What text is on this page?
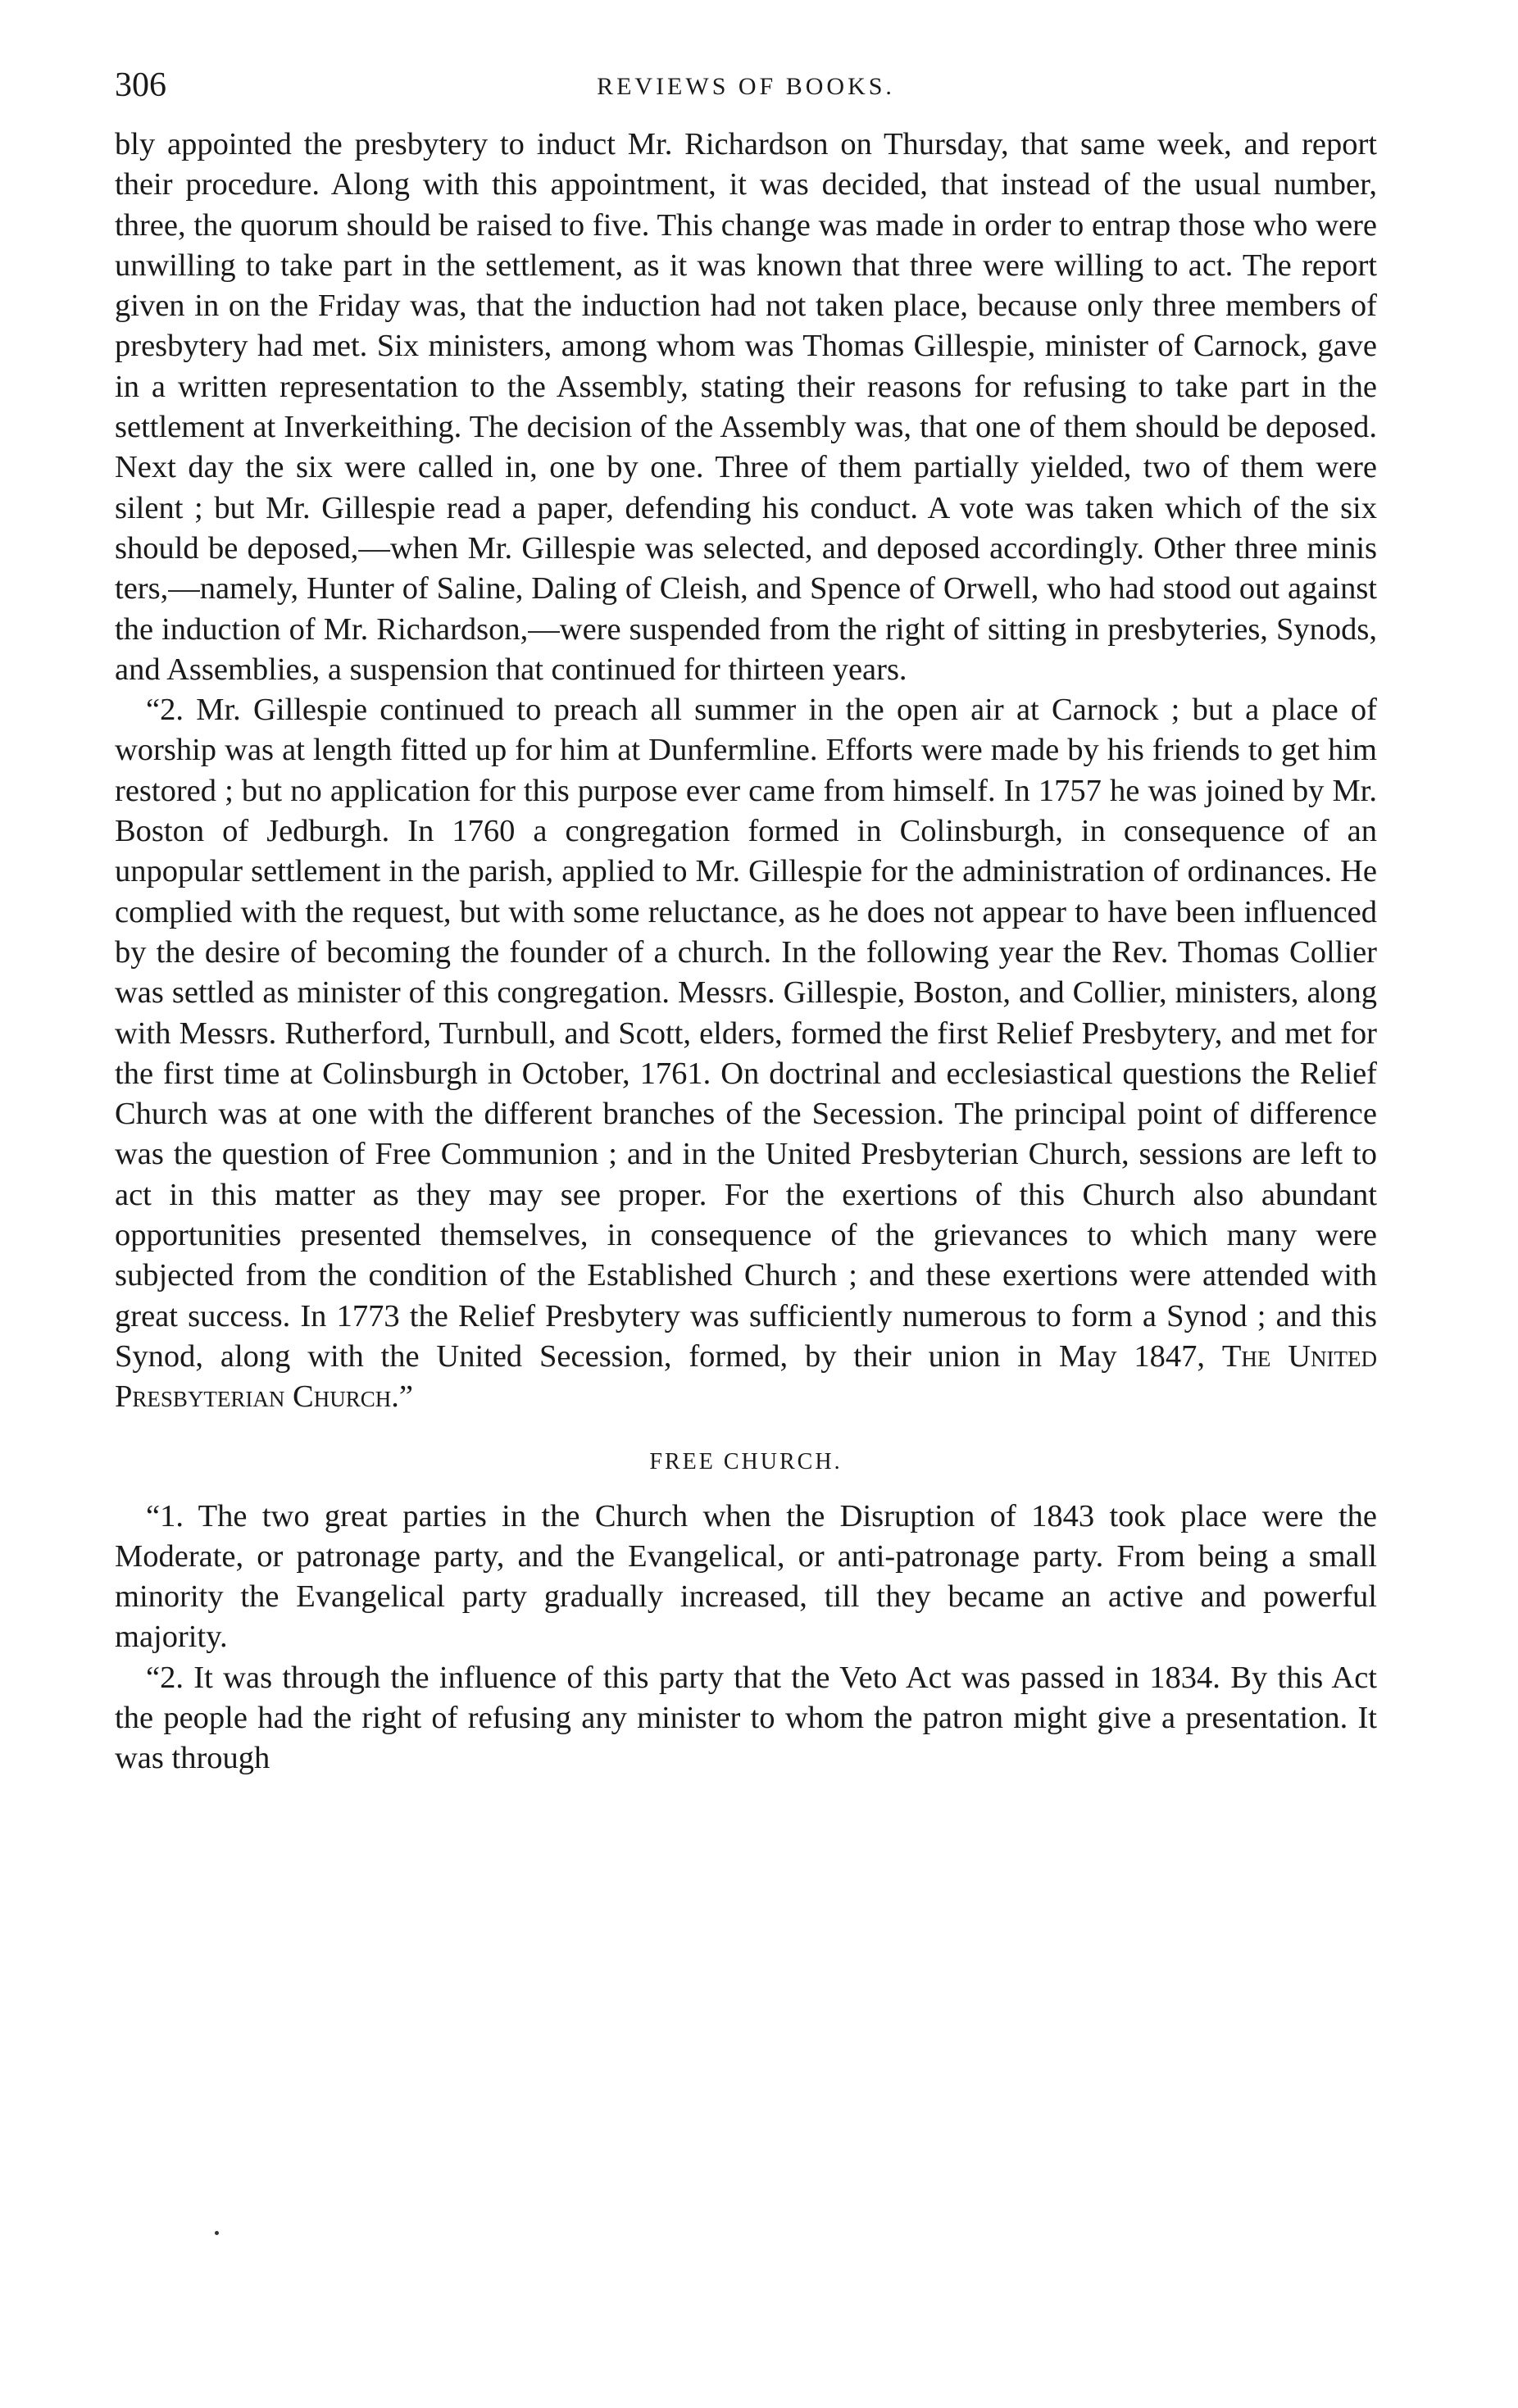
306	REVIEWS OF BOOKS.

bly appointed the presbytery to induct Mr. Richardson on Thursday, that same week, and report their procedure. Along with this appointment, it was decided, that instead of the usual number, three, the quorum should be raised to five. This change was made in order to entrap those who were unwilling to take part in the settlement, as it was known that three were willing to act. The report given in on the Friday was, that the induction had not taken place, because only three members of presbytery had met. Six ministers, among whom was Thomas Gillespie, minister of Carnock, gave in a written representation to the Assembly, stating their reasons for refusing to take part in the settlement at Inverkeithing. The decision of the Assembly was, that one of them should be deposed. Next day the six were called in, one by one. Three of them partially yielded, two of them were silent ; but Mr. Gillespie read a paper, defending his conduct. A vote was taken which of the six should be deposed,—when Mr. Gillespie was selected, and deposed accordingly. Other three minis ters,—namely, Hunter of Saline, Daling of Cleish, and Spence of Orwell, who had stood out against the induction of Mr. Richardson,—were suspended from the right of sitting in presbyteries, Synods, and Assemblies, a suspension that continued for thirteen years.

“2. Mr. Gillespie continued to preach all summer in the open air at Carnock ; but a place of worship was at length fitted up for him at Dunfermline. Efforts were made by his friends to get him restored ; but no application for this purpose ever came from himself. In 1757 he was joined by Mr. Boston of Jedburgh. In 1760 a congregation formed in Colinsburgh, in consequence of an unpopular settlement in the parish, applied to Mr. Gillespie for the administration of ordinances. He complied with the request, but with some reluctance, as he does not appear to have been influenced by the desire of becoming the founder of a church. In the following year the Rev. Thomas Collier was settled as minister of this congregation. Messrs. Gillespie, Boston, and Collier, ministers, along with Messrs. Rutherford, Turnbull, and Scott, elders, formed the first Relief Presbytery, and met for the first time at Colinsburgh in October, 1761. On doctrinal and ecclesiastical questions the Relief Church was at one with the different branches of the Secession. The principal point of difference was the question of Free Communion ; and in the United Presbyterian Church, sessions are left to act in this matter as they may see proper. For the exertions of this Church also abundant opportunities presented themselves, in consequence of the grievances to which many were subjected from the condition of the Established Church ; and these exertions were attended with great success. In 1773 the Relief Presbytery was sufficiently numerous to form a Synod ; and this Synod, along with the United Secession, formed, by their union in May 1847, The United Presbyterian Church.”

FREE CHURCH.

“1. The two great parties in the Church when the Disruption of 1843 took place were the Moderate, or patronage party, and the Evangelical, or anti-patronage party. From being a small minority the Evangelical party gradually increased, till they became an active and powerful majority.

“2. It was through the influence of this party that the Veto Act was passed in 1834. By this Act the people had the right of refusing any minister to whom the patron might give a presentation. It was through
